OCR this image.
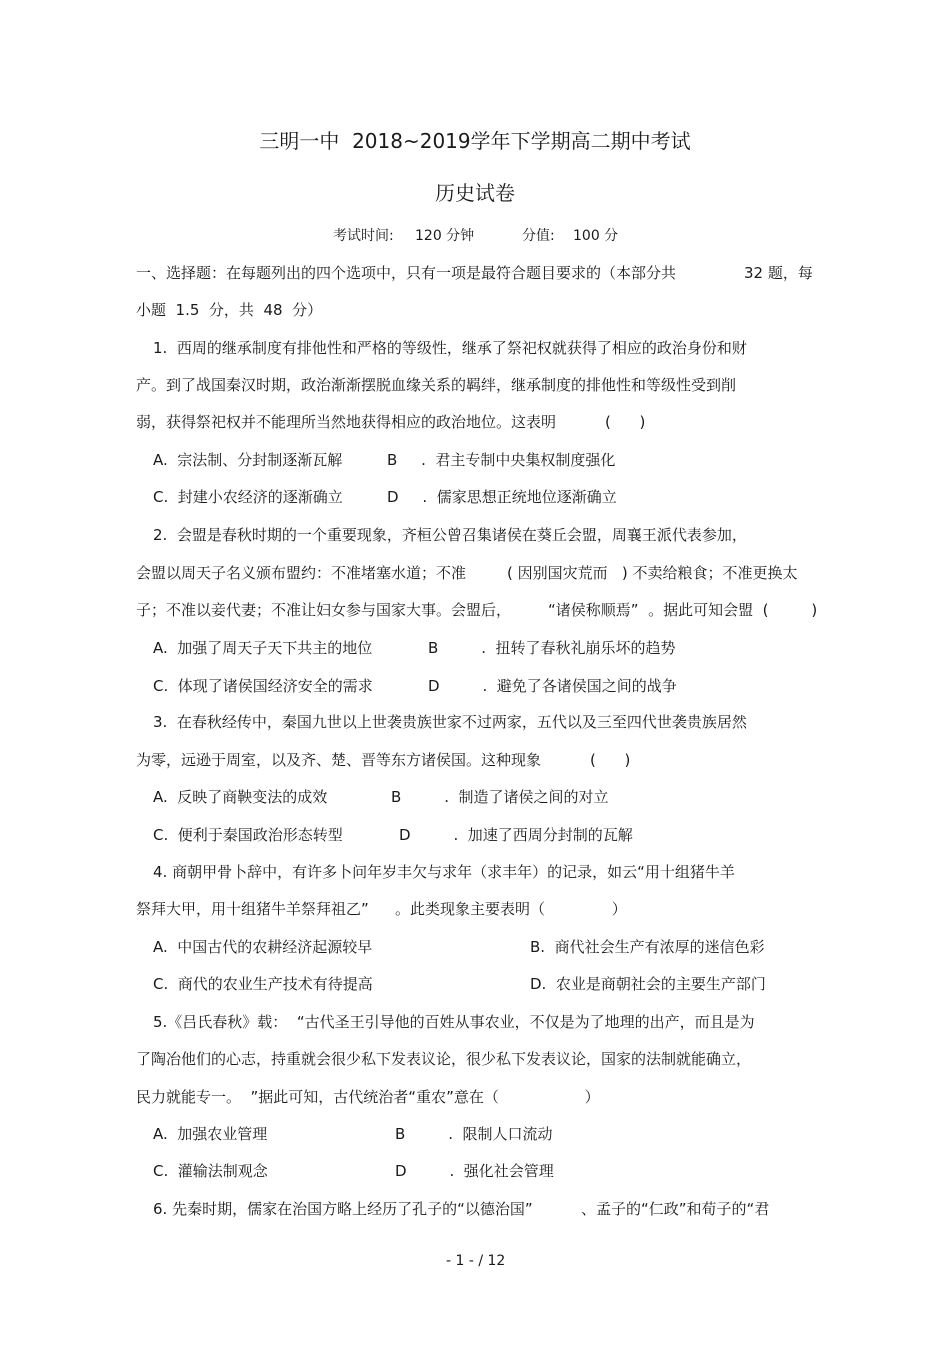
三明一中  2018~2019学年下学期高二期中考试
历史试卷
考试时间: 120 分钟	分值: 100 分
一、选择题：在每题列出的四个选项中，只有一项是最符合题目要求的（本部分共	32 题，每
小题  1.5  分，共  48  分）
1.  西周的继承制度有排他性和严格的等级性，继承了祭祀权就获得了相应的政治身份和财
产。到了战国秦汉时期，政治渐渐摆脱血缘关系的羁绊，继承制度的排他性和等级性受到削
弱，获得祭祀权并不能理所当然地获得相应的政治地位。这表明	(      )
A.  宗法制、分封制逐渐瓦解	B     .  君主专制中央集权制度强化
C.  封建小农经济的逐渐确立	D     .  儒家思想正统地位逐渐确立
2.  会盟是春秋时期的一个重要现象，齐桓公曾召集诸侯在葵丘会盟，周襄王派代表参加，
会盟以周天子名义颁布盟约：不准堵塞水道；不准	( 因别国灾荒而   ) 不卖给粮食；不准更换太
子；不准以妾代妻；不准让妇女参与国家大事。会盟后， “诸侯称顺焉”  。据此可知会盟  (         )
A.  加强了周天子天下共主的地位	B         .  扭转了春秋礼崩乐坏的趋势
C.  体现了诸侯国经济安全的需求	D         .  避免了各诸侯国之间的战争
3.  在春秋经传中，秦国九世以上世袭贵族世家不过两家，五代以及三至四代世袭贵族居然
为零，远逊于周室，以及齐、楚、晋等东方诸侯国。这种现象	(      )
A.  反映了商鞅变法的成效	B         .  制造了诸侯之间的对立
C.  便利于秦国政治形态转型	D         .  加速了西周分封制的瓦解
4. 商朝甲骨卜辞中，有许多卜问年岁丰欠与求年（求丰年）的记录，如云“用十组猪牛羊
祭拜大甲，用十组猪牛羊祭拜祖乙” 。此类现象主要表明（              ）
A.  中国古代的农耕经济起源较早	B.  商代社会生产有浓厚的迷信色彩
C.  商代的农业生产技术有待提高	D.  农业是商朝社会的主要生产部门
5.《吕氏春秋》载：  “古代圣王引导他的百姓从事农业，不仅是为了地理的出产，而且是为
了陶冶他们的心志，持重就会很少私下发表议论，很少私下发表议论，国家的法制就能确立，
民力就能专一。  ”据此可知，古代统治者“重农”意在（                  ）
A.  加强农业管理	B         .  限制人口流动
C.  灌输法制观念	D         .  强化社会管理
6. 先秦时期，儒家在治国方略上经历了孔子的“以德治国”	、孟子的“仁政”和荀子的“君
- 1 - / 12
